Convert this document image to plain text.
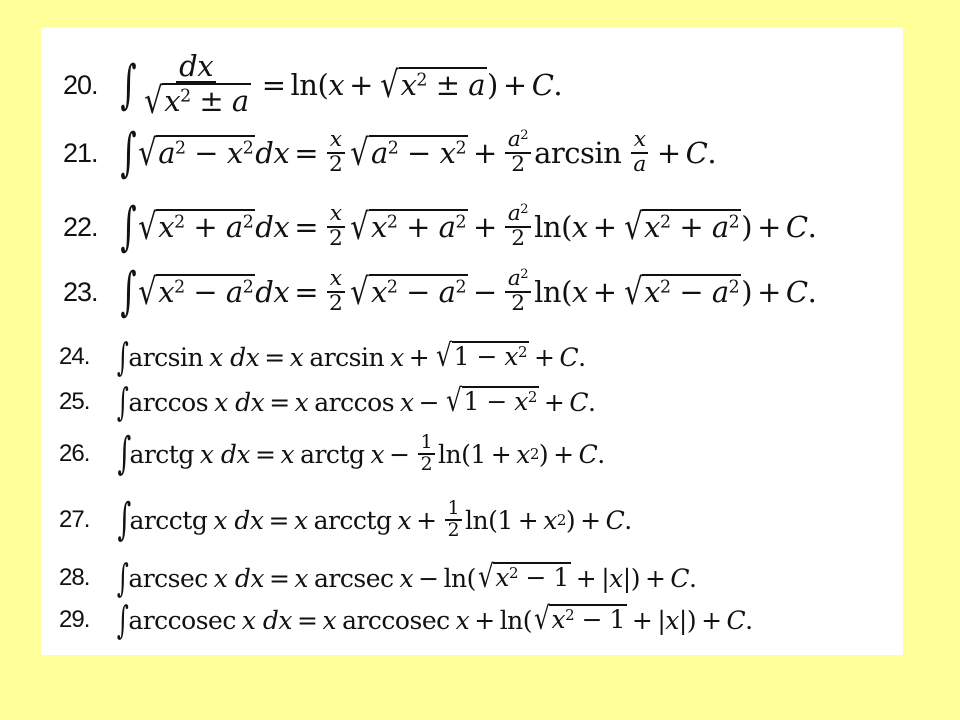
20. ∫ $\frac{dx}{√ x^2 \pm a} = \ln$ ( x + √ $x^2 \pm a$ ) + C .
21. ∫ √ $a^2 - x^2$ dx = $\frac{x}{2}$ √ $a^2 - x^2 + \frac{a^2}{2}$ $\arcsin \frac{x}{a} + C$ .
22. ∫ √ $x^2 + a^2$ dx = $\frac{x}{2}$ √ $x^2 + a^2 + \frac{a^2}{2}$ ln ( x + √ $x^2 + a^2$ ) + C .
23. ∫ √ $x^2 - a^2$ dx = $\frac{x}{2}$ √ $x^2 - a^2 - \frac{a^2}{2}$ ln ( x + √ $x^2 - a^2$ ) + C .
24. ∫ arcsin x dx = x arcsin x + √ $1 - x^2 + C$ .
25. ∫ arccos x dx = x arccos x − √ $1 - x^2 + C$ .
26. ∫
arctg x dx = x arctg $x - \frac{1}{2}$ ln (1 + x 2 ) + C .
27. ∫
arcctg x dx = x arcctg $x + \frac{1}{2}$ ln (1 + x 2 ) + C .
28. ∫ arcsec x dx = x arcsec x − ln ( √ $x^2 - 1$ + | x |) + C .
29. ∫ arccosec x dx = x arccosec x + ln ( √ $x^2 - 1$ + | x |) + C .
